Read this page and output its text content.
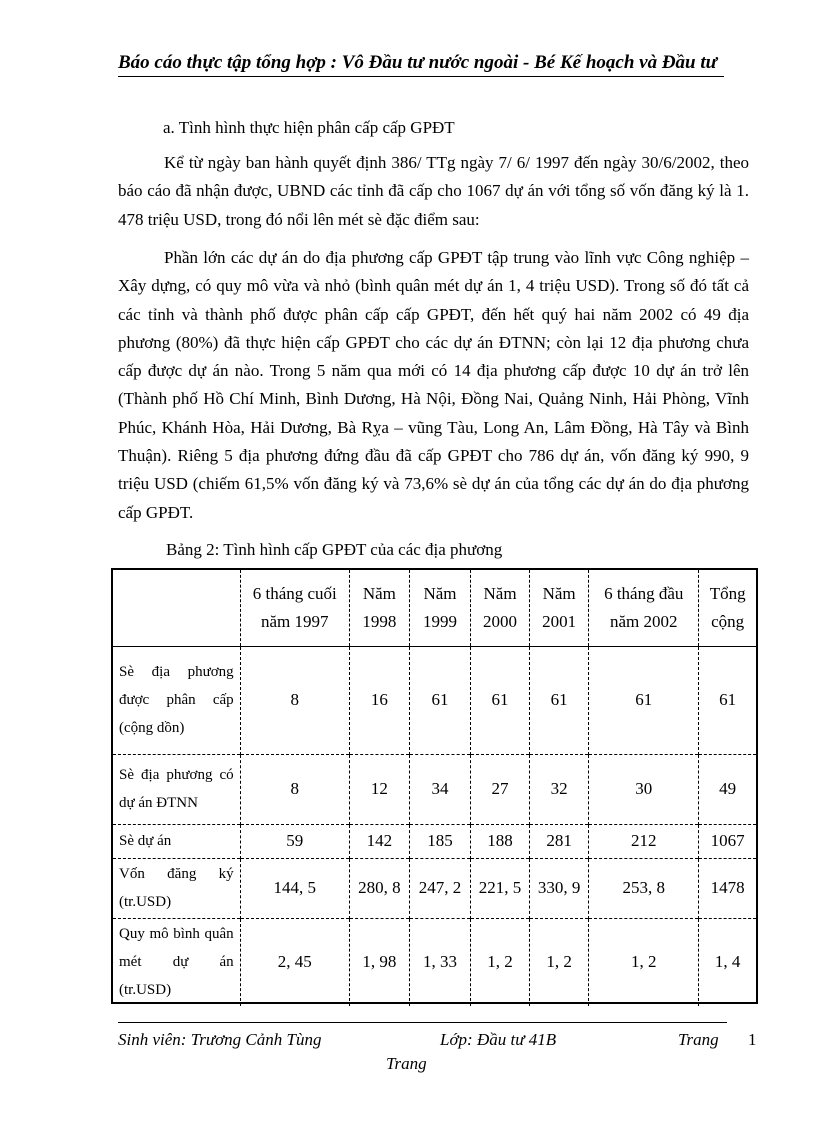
Báo cáo thực tập tổng hợp : Vô Đầu tư nước ngoài - Bé Kế hoạch và Đầu tư
a. Tình hình thực hiện phân cấp cấp GPĐT

Kể từ ngày ban hành quyết định 386/ TTg ngày 7/ 6/ 1997 đến ngày 30/6/2002, theo báo cáo đã nhận được, UBND các tỉnh đã cấp cho 1067 dự án với tổng số vốn đăng ký là 1. 478 triệu USD, trong đó nổi lên mét sè đặc điểm sau:

Phần lớn các dự án do địa phương cấp GPĐT tập trung vào lĩnh vực Công nghiệp – Xây dựng, có quy mô vừa và nhỏ (bình quân mét dự án 1, 4 triệu USD). Trong số đó tất cả các tỉnh và thành phố được phân cấp cấp GPĐT, đến hết quý hai năm 2002 có 49 địa phương (80%) đã thực hiện cấp GPĐT cho các dự án ĐTNN; còn lại 12 địa phương chưa cấp được dự án nào. Trong 5 năm qua mới có 14 địa phương cấp được 10 dự án trở lên (Thành phố Hồ Chí Minh, Bình Dương, Hà Nội, Đồng Nai, Quảng Ninh, Hải Phòng, Vĩnh Phúc, Khánh Hòa, Hải Dương, Bà Rỵa – vũng Tàu, Long An, Lâm Đồng, Hà Tây và Bình Thuận). Riêng 5 địa phương đứng đầu đã cấp GPĐT cho 786 dự án, vốn đăng ký 990, 9 triệu USD (chiếm 61,5% vốn đăng ký và 73,6% sè dự án của tổng các dự án do địa phương cấp GPĐT.

Bảng 2: Tình hình cấp GPĐT của các địa phương
	6 tháng cuối năm 1997	Năm 1998	Năm 1999	Năm 2000	Năm 2001	6 tháng đầu năm 2002	Tổng cộng
Sè địa phương được phân cấp (cộng dồn)	8	16	61	61	61	61	61
Sè địa phương có dự án ĐTNN	8	12	34	27	32	30	49
Sè dự án	59	142	185	188	281	212	1067
Vốn đăng ký (tr.USD)	144, 5	280, 8	247, 2	221, 5	330, 9	253, 8	1478
Quy mô bình quân mét dự án (tr.USD)	2, 45	1, 98	1, 33	1, 2	1, 2	1, 2	1, 4
Sinh viên: Trương Cảnh Tùng	Lớp: Đầu tư 41B	Trang 1
Trang
